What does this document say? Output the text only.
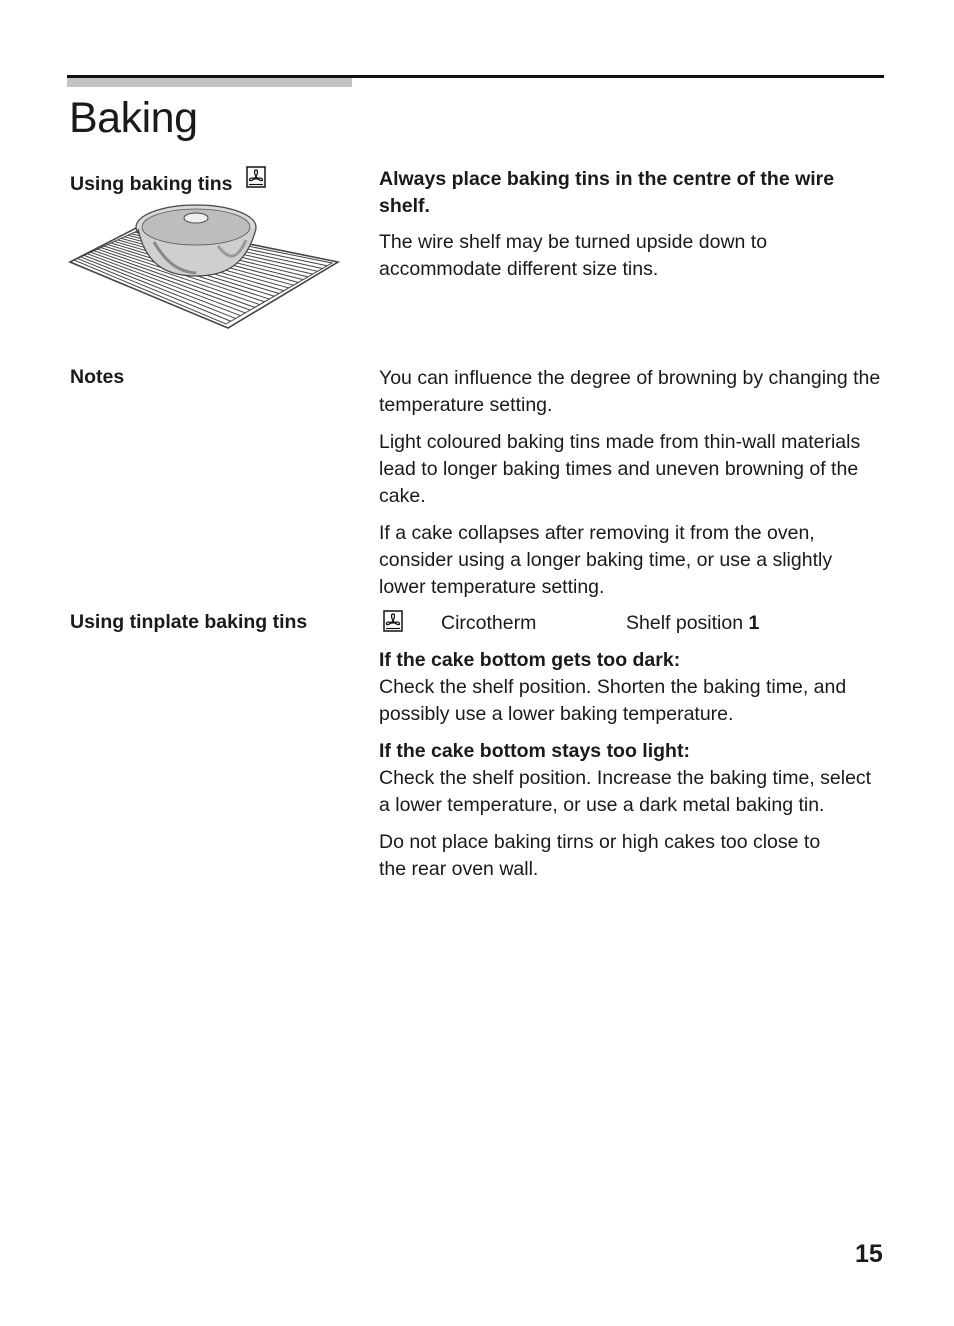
Baking
Using baking tins	Always place baking tins in the centre of the wire shelf.

The wire shelf may be turned upside down to accommodate different size tins.

Notes	You can influence the degree of browning by changing the temperature setting.

Light coloured baking tins made from thin-wall materials lead to longer baking times and uneven browning of the cake.

If a cake collapses after removing it from the oven, consider using a longer baking time, or use a slightly lower temperature setting.

Using tinplate baking tins	Circotherm	Shelf position 1

If the cake bottom gets too dark:

Check the shelf position. Shorten the baking time, and possibly use a lower baking temperature.

If the cake bottom stays too light:

Check the shelf position. Increase the baking time, select a lower temperature, or use a dark metal baking tin.

Do not place baking tirns or high cakes too close to the rear oven wall.

15
